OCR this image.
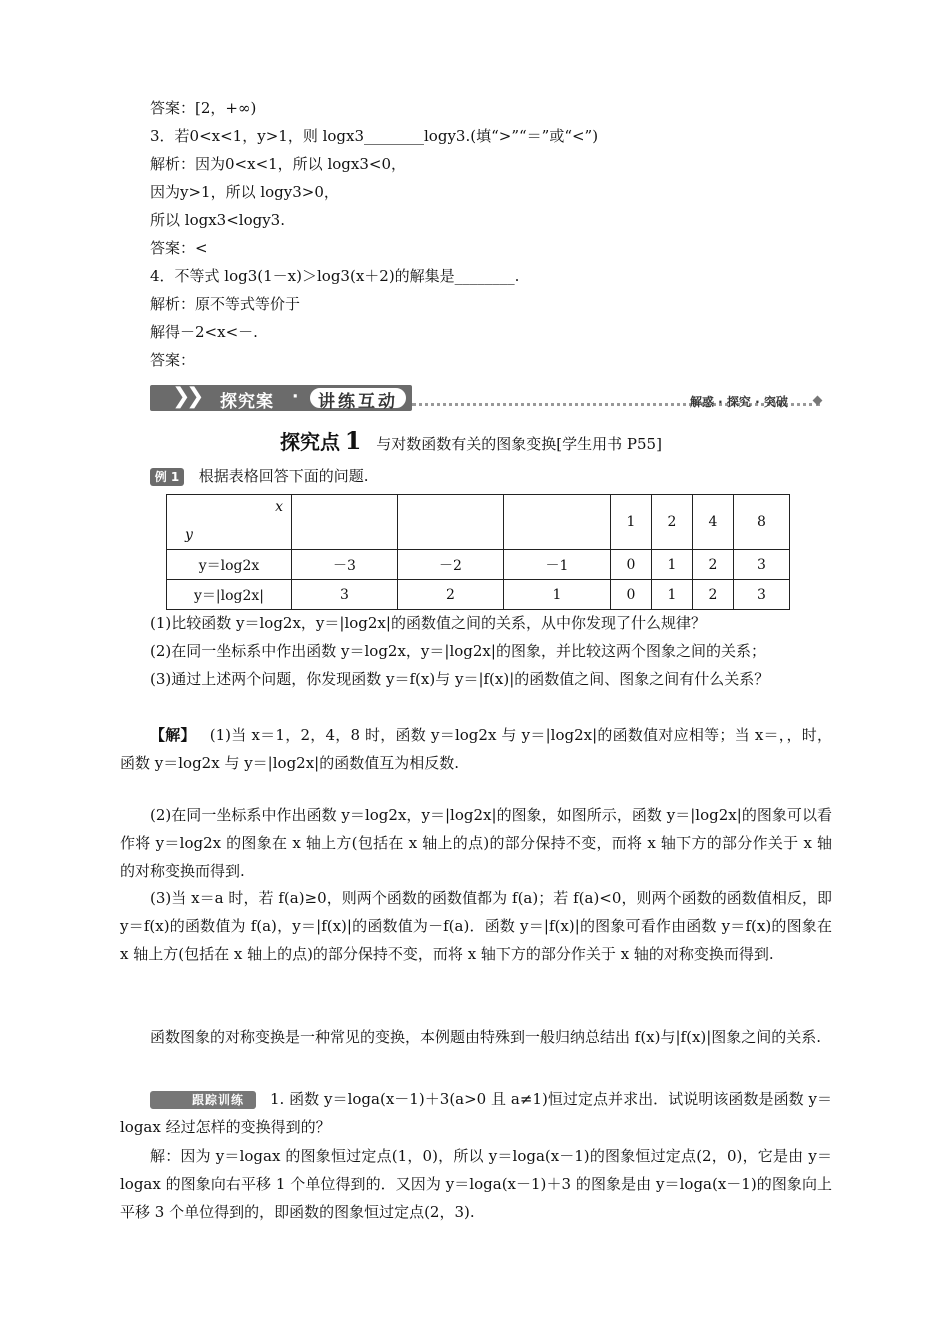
答案：[2，+∞)
3．若0<x<1，y>1，则 logx3________logy3.(填“>”“＝”或“<”)
解析：因为0<x<1，所以 logx3<0，
因为y>1，所以 logy3>0，
所以 logx3<logy3.
答案：<
4．不等式 log3(1－x)＞log3(x＋2)的解集是________.
解析：原不等式等价于
解得－2<x<－.
答案：
❯
❯ 探究案 · 讲练互动	解惑 · 探究 · 突破
探究点 1 与对数函数有关的图象变换[学生用书 P55]
例 1 根据表格回答下面的问题.
x
y				1	2	4	8
y＝log2x	－3	－2	－1	0	1	2	3
y＝|log2x|	3	2	1	0	1	2	3
(1)比较函数 y＝log2x，y＝|log2x|的函数值之间的关系，从中你发现了什么规律？
(2)在同一坐标系中作出函数 y＝log2x，y＝|log2x|的图象，并比较这两个图象之间的关系；
(3)通过上述两个问题，你发现函数 y＝f(x)与 y＝|f(x)|的函数值之间、图象之间有什么关系？
【解】 (1)当 x＝1，2，4，8 时，函数 y＝log2x 与 y＝|log2x|的函数值对应相等；当 x＝，，时，函数 y＝log2x 与 y＝|log2x|的函数值互为相反数.
(2)在同一坐标系中作出函数 y＝log2x，y＝|log2x|的图象，如图所示，函数 y＝|log2x|的图象可以看作将 y＝log2x 的图象在 x 轴上方(包括在 x 轴上的点)的部分保持不变，而将 x 轴下方的部分作关于 x 轴的对称变换而得到.
(3)当 x＝a 时，若 f(a)≥0，则两个函数的函数值都为 f(a)；若 f(a)<0，则两个函数的函数值相反，即 y＝f(x)的函数值为 f(a)，y＝|f(x)|的函数值为－f(a)．函数 y＝|f(x)|的图象可看作由函数 y＝f(x)的图象在 x 轴上方(包括在 x 轴上的点)的部分保持不变，而将 x 轴下方的部分作关于 x 轴的对称变换而得到.
函数图象的对称变换是一种常见的变换，本例题由特殊到一般归纳总结出 f(x)与|f(x)|图象之间的关系.
跟踪训练 1. 函数 y＝loga(x－1)＋3(a>0 且 a≠1)恒过定点并求出．试说明该函数是函数 y＝logax 经过怎样的变换得到的？
解：因为 y＝logax 的图象恒过定点(1，0)，所以 y＝loga(x－1)的图象恒过定点(2，0)，它是由 y＝logax 的图象向右平移 1 个单位得到的．又因为 y＝loga(x－1)＋3 的图象是由 y＝loga(x－1)的图象向上平移 3 个单位得到的，即函数的图象恒过定点(2，3).
